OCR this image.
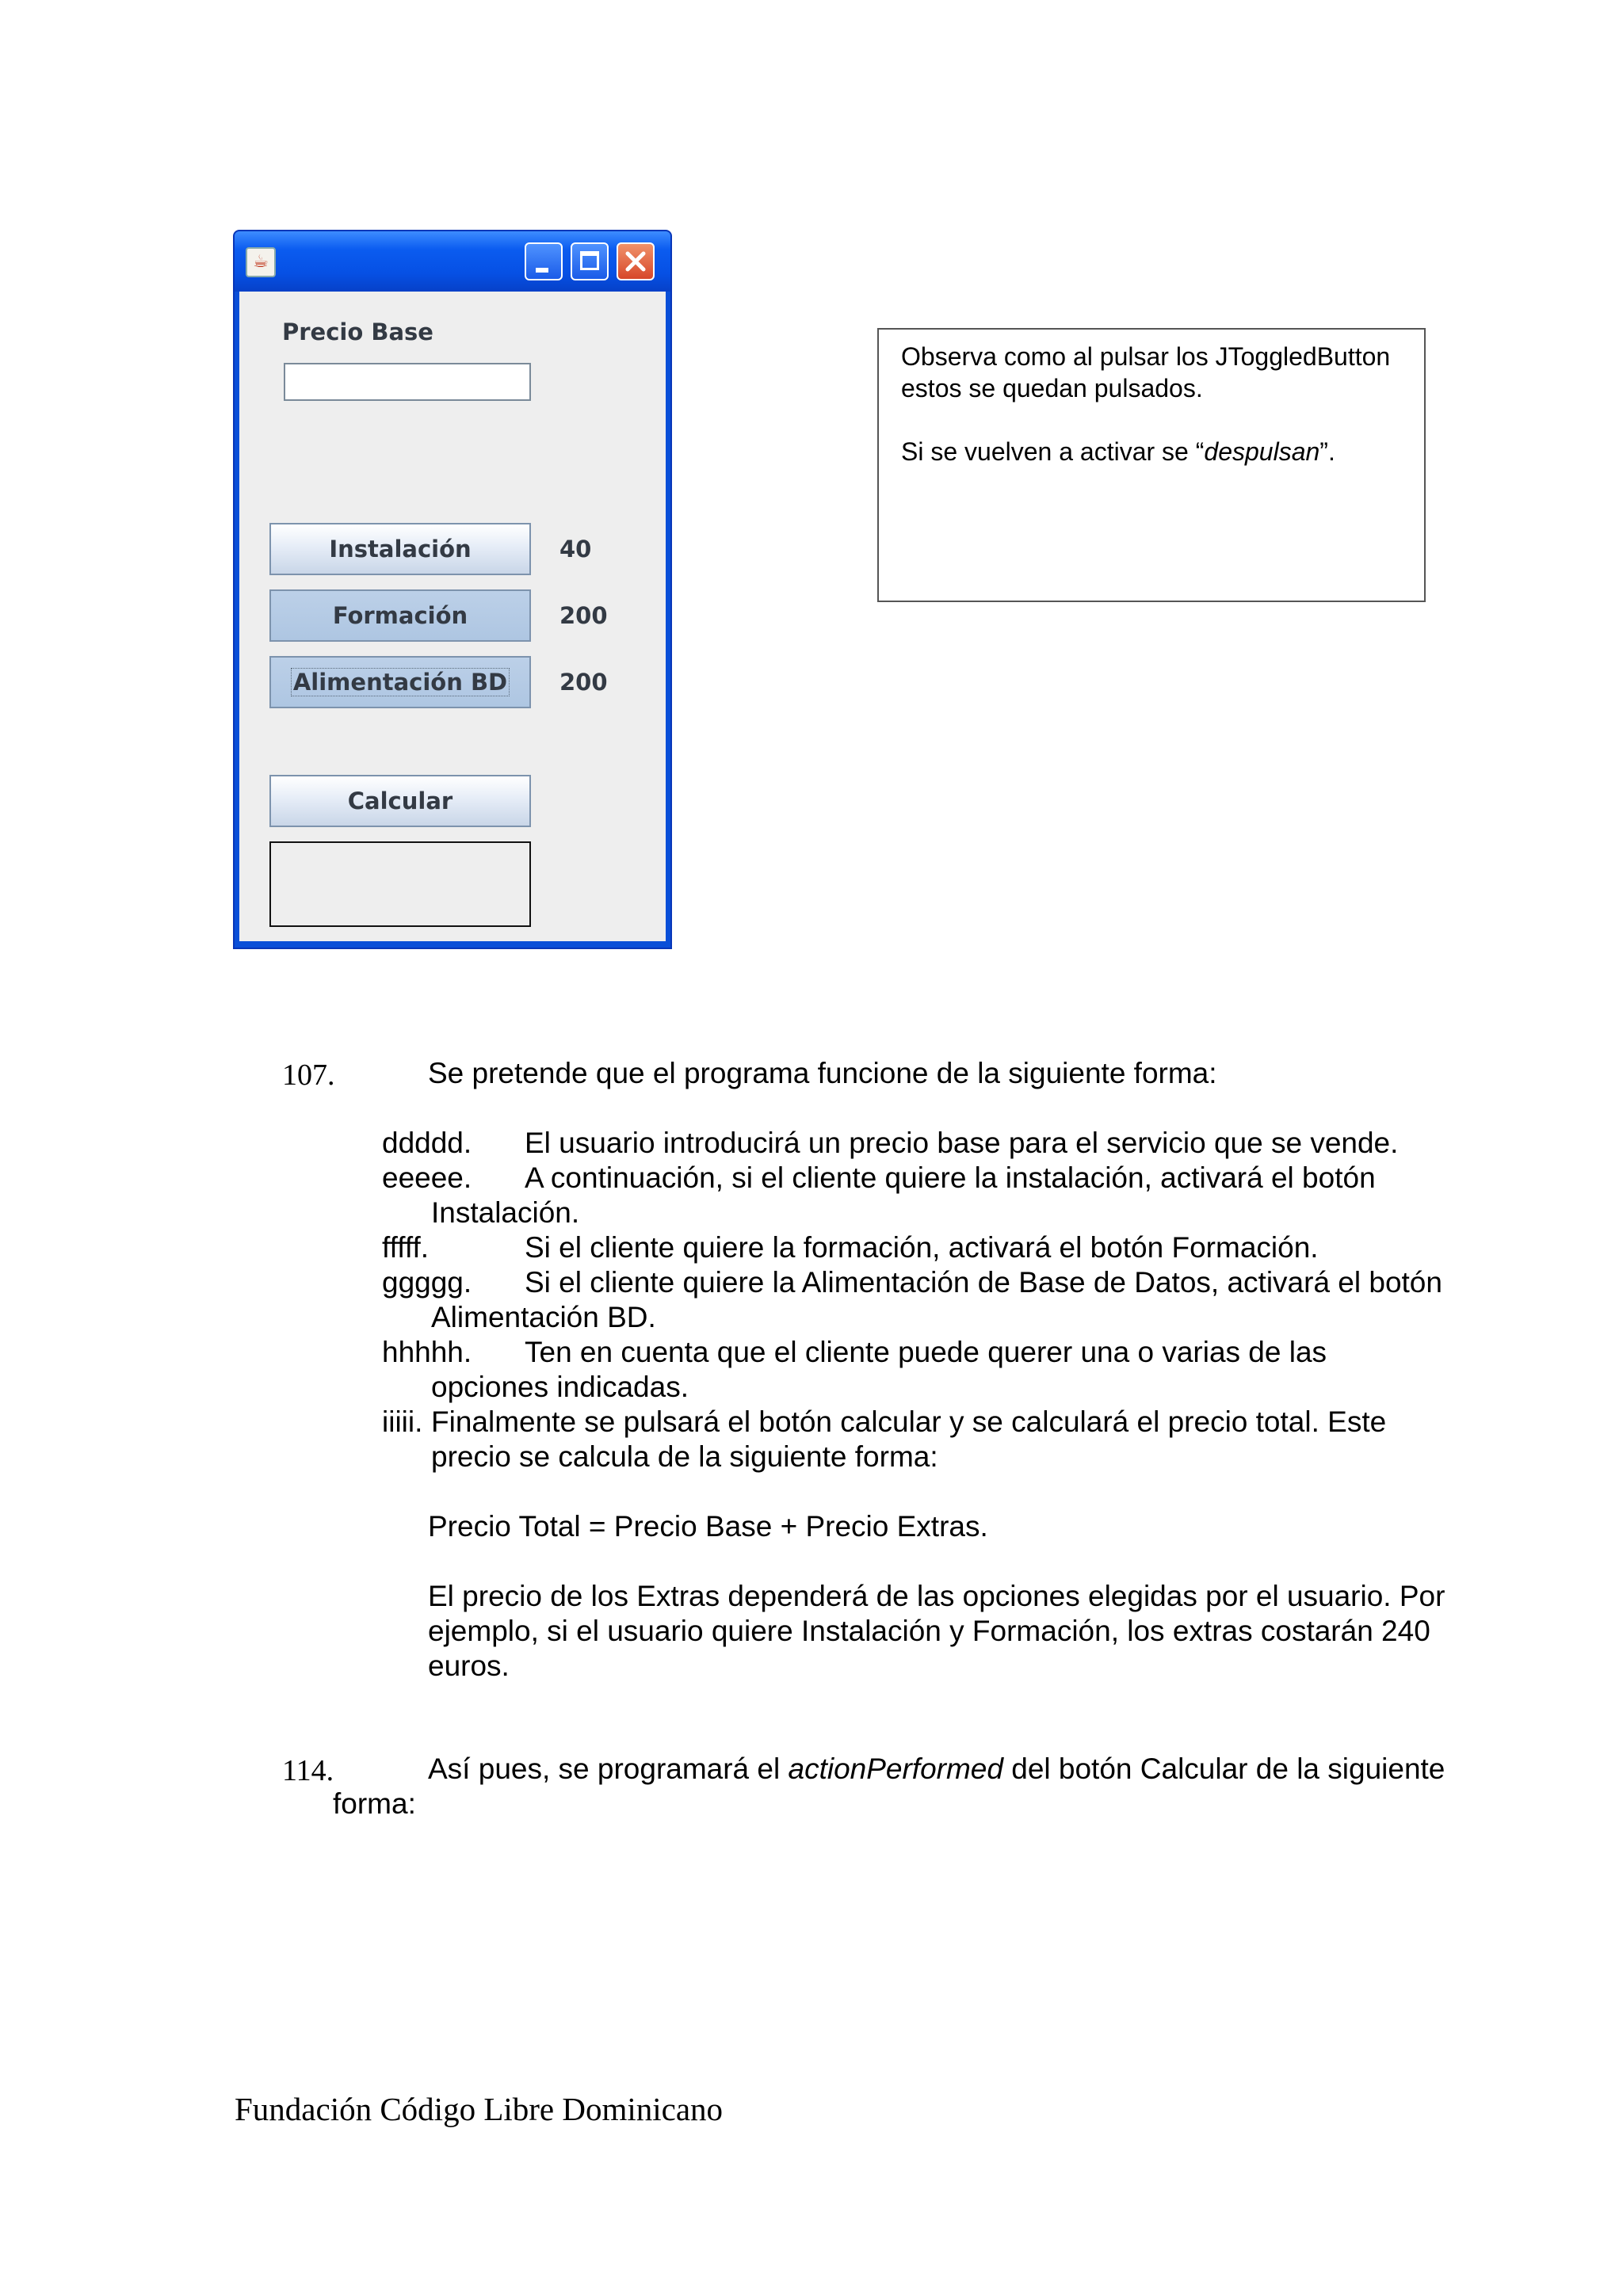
☕
Precio Base
Instalación	40
Formación	200
Alimentación BD	200
Calcular

Observa como al pulsar los JToggledButton estos se quedan pulsados.

Si se vuelven a activar se “despulsan”.

107.	Se pretende que el programa funcione de la siguiente forma:
ddddd. El usuario introducirá un precio base para el servicio que se vende.
eeeee. A continuación, si el cliente quiere la instalación, activará el botón
Instalación.
fffff.	Si el cliente quiere la formación, activará el botón Formación.
ggggg. Si el cliente quiere la Alimentación de Base de Datos, activará el botón
Alimentación BD.
hhhhh. Ten en cuenta que el cliente puede querer una o varias de las
opciones indicadas.
iiiii. Finalmente se pulsará el botón calcular y se calculará el precio total. Este
precio se calcula de la siguiente forma:
Precio Total = Precio Base + Precio Extras.
El precio de los Extras dependerá de las opciones elegidas por el usuario. Por
ejemplo, si el usuario quiere Instalación y Formación, los extras costarán 240
euros.
114.	Así pues, se programará el actionPerformed del botón Calcular de la siguiente
forma:
Fundación Código Libre Dominicano
